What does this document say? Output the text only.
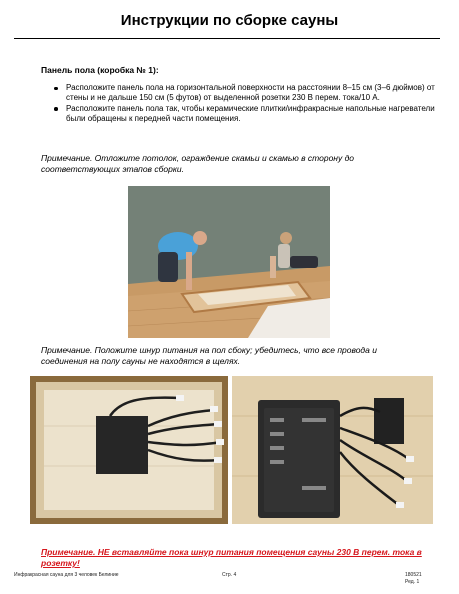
Инструкции по сборке сауны
Панель пола (коробка № 1):
Расположите панель пола на горизонтальной поверхности на расстоянии 8–15 см (3–6 дюймов) от стены и не дальше 150 см (5 футов) от выделенной розетки 230 В перем. тока/10 А.
Расположите панель пола так, чтобы керамические плитки/инфракрасные напольные нагреватели были обращены к передней части помещения.
Примечание. Отложите потолок, ограждение скамьи и скамью в сторону до соответствующих этапов сборки.
Примечание. Положите шнур питания на пол сбоку; убедитесь, что все провода и соединения на полу сауны не находятся в щелях.
Примечание. НЕ вставляйте пока шнур питания помещения сауны 230 В перем. тока в розетку!
Инфракрасная сауна для 3 человек Белиние	Стр. 4	180521
Ред. 1
